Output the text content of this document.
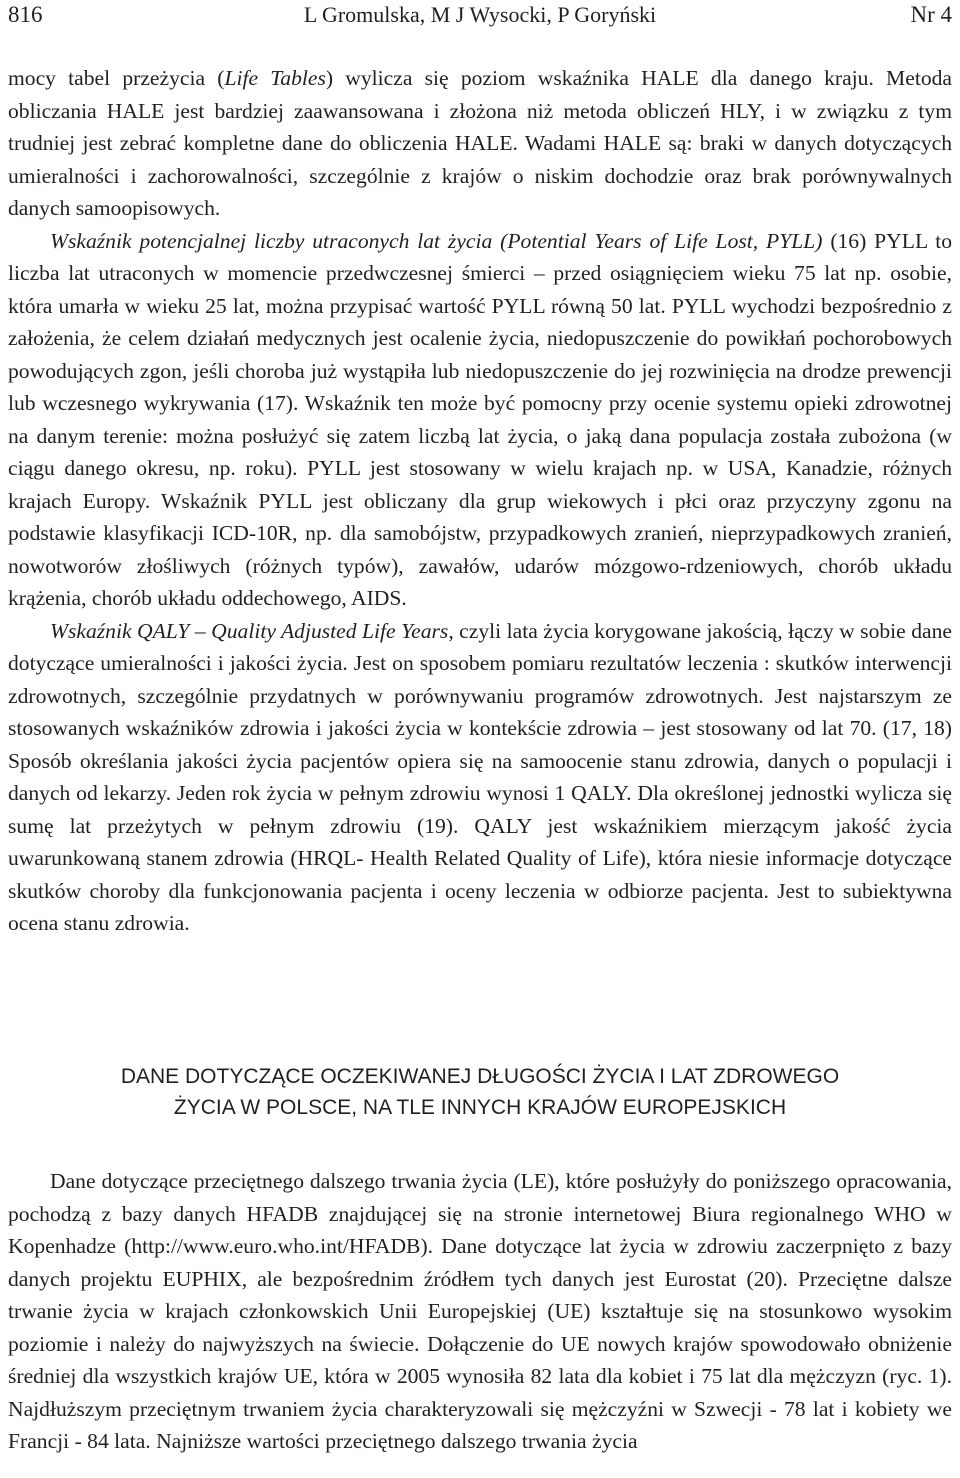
816	L Gromulska, M J Wysocki, P Goryński	Nr 4

mocy tabel przeżycia (Life Tables) wylicza się poziom wskaźnika HALE dla danego kraju. Metoda obliczania HALE jest bardziej zaawansowana i złożona niż metoda obliczeń HLY, i w związku z tym trudniej jest zebrać kompletne dane do obliczenia HALE. Wadami HALE są: braki w danych dotyczących umieralności i zachorowalności, szczególnie z krajów o niskim dochodzie oraz brak porównywalnych danych samoopisowych.

Wskaźnik potencjalnej liczby utraconych lat życia (Potential Years of Life Lost, PYLL) (16) PYLL to liczba lat utraconych w momencie przedwczesnej śmierci – przed osiągnięciem wieku 75 lat np. osobie, która umarła w wieku 25 lat, można przypisać wartość PYLL równą 50 lat. PYLL wychodzi bezpośrednio z założenia, że celem działań medycznych jest ocalenie życia, niedopuszczenie do powikłań pochorobowych powodujących zgon, jeśli choroba już wystąpiła lub niedopuszczenie do jej rozwinięcia na drodze prewencji lub wczesnego wykrywania (17). Wskaźnik ten może być pomocny przy ocenie systemu opieki zdrowotnej na danym terenie: można posłużyć się zatem liczbą lat życia, o jaką dana populacja została zubożona (w ciągu danego okresu, np. roku). PYLL jest stosowany w wielu krajach np. w USA, Kanadzie, różnych krajach Europy. Wskaźnik PYLL jest obliczany dla grup wiekowych i płci oraz przyczyny zgonu na podstawie klasyfikacji ICD-10R, np. dla samobójstw, przypadkowych zranień, nieprzypadkowych zranień, nowotworów złośliwych (różnych typów), zawałów, udarów mózgowo-rdzeniowych, chorób układu krążenia, chorób układu oddechowego, AIDS.

Wskaźnik QALY – Quality Adjusted Life Years, czyli lata życia korygowane jakością, łączy w sobie dane dotyczące umieralności i jakości życia. Jest on sposobem pomiaru rezultatów leczenia : skutków interwencji zdrowotnych, szczególnie przydatnych w porównywaniu programów zdrowotnych. Jest najstarszym ze stosowanych wskaźników zdrowia i jakości życia w kontekście zdrowia – jest stosowany od lat 70. (17, 18) Sposób określania jakości życia pacjentów opiera się na samoocenie stanu zdrowia, danych o populacji i danych od lekarzy. Jeden rok życia w pełnym zdrowiu wynosi 1 QALY. Dla określonej jednostki wylicza się sumę lat przeżytych w pełnym zdrowiu (19). QALY jest wskaźnikiem mierzącym jakość życia uwarunkowaną stanem zdrowia (HRQL- Health Related Quality of Life), która niesie informacje dotyczące skutków choroby dla funkcjonowania pacjenta i oceny leczenia w odbiorze pacjenta. Jest to subiektywna ocena stanu zdrowia.

DANE DOTYCZĄCE OCZEKIWANEJ DŁUGOŚCI ŻYCIA I LAT ZDROWEGO
ŻYCIA W POLSCE, NA TLE INNYCH KRAJÓW EUROPEJSKICH

Dane dotyczące przeciętnego dalszego trwania życia (LE), które posłużyły do poniższego opracowania, pochodzą z bazy danych HFADB znajdującej się na stronie internetowej Biura regionalnego WHO w Kopenhadze (http://www.euro.who.int/HFADB). Dane dotyczące lat życia w zdrowiu zaczerpnięto z bazy danych projektu EUPHIX, ale bezpośrednim źródłem tych danych jest Eurostat (20). Przeciętne dalsze trwanie życia w krajach członkowskich Unii Europejskiej (UE) kształtuje się na stosunkowo wysokim poziomie i należy do najwyższych na świecie. Dołączenie do UE nowych krajów spowodowało obniżenie średniej dla wszystkich krajów UE, która w 2005 wynosiła 82 lata dla kobiet i 75 lat dla mężczyzn (ryc. 1). Najdłuższym przeciętnym trwaniem życia charakteryzowali się mężczyźni w Szwecji - 78 lat i kobiety we Francji - 84 lata. Najniższe wartości przeciętnego dalszego trwania życia
